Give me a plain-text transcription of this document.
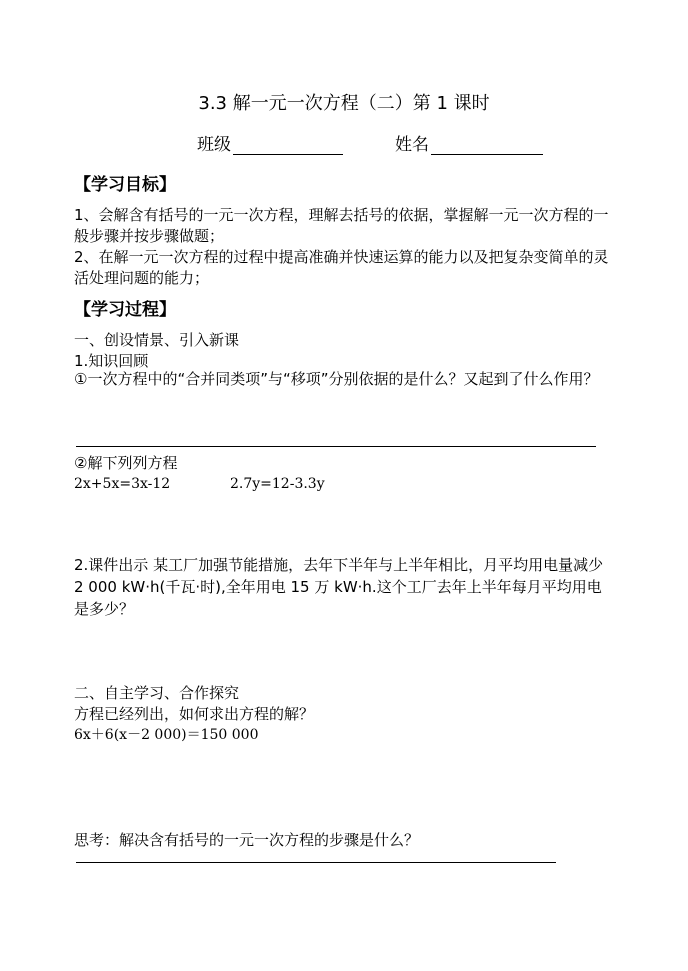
3.3 解一元一次方程（二）第 1 课时
班级	姓名
【学习目标】
1、会解含有括号的一元一次方程，理解去括号的依据，掌握解一元一次方程的一般步骤并按步骤做题；
2、在解一元一次方程的过程中提高准确并快速运算的能力以及把复杂变简单的灵活处理问题的能力；
【学习过程】
一、创设情景、引入新课
1.知识回顾
①一次方程中的“合并同类项”与“移项”分别依据的是什么？又起到了什么作用？
②解下列列方程
2x+5x=3x-12	2.7y=12-3.3y
2.课件出示 某工厂加强节能措施，去年下半年与上半年相比，月平均用电量减少 2 000 kW·h(千瓦·时),全年用电 15 万 kW·h.这个工厂去年上半年每月平均用电是多少？
二、自主学习、合作探究
方程已经列出，如何求出方程的解？
6x＋6(x－2 000)＝150 000
思考：解决含有括号的一元一次方程的步骤是什么？
